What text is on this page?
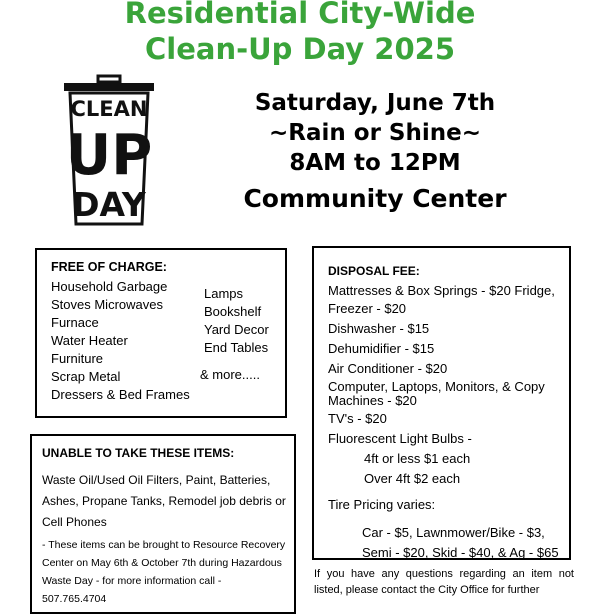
Residential City-Wide
Clean-Up Day 2025
CLEAN
UP
DAY
Saturday, June 7th
~Rain or Shine~
8AM to 12PM
Community Center
FREE OF CHARGE:
Household Garbage
Stoves Microwaves
Furnace
Water Heater
Furniture
Scrap Metal
Dressers & Bed Frames
Lamps
Bookshelf
Yard Decor
End Tables
& more.....
UNABLE TO TAKE THESE ITEMS:
Waste Oil/Used Oil Filters, Paint, Batteries, Ashes, Propane Tanks, Remodel job debris or Cell Phones
- These items can be brought to Resource Recovery Center on May 6th & October 7th during Hazardous Waste Day - for more information call - 507.765.4704
DISPOSAL FEE:
Mattresses & Box Springs - $20 Fridge, Freezer - $20
Dishwasher - $15
Dehumidifier - $15
Air Conditioner - $20
Computer, Laptops, Monitors, & Copy Machines - $20
TV's - $20
Fluorescent Light Bulbs -
4ft or less $1 each
Over 4ft $2 each
Tire Pricing varies:
Car - $5, Lawnmower/Bike - $3,
Semi - $20, Skid - $40, & Ag - $65
If you have any questions regarding an item not listed, please contact the City Office for further
